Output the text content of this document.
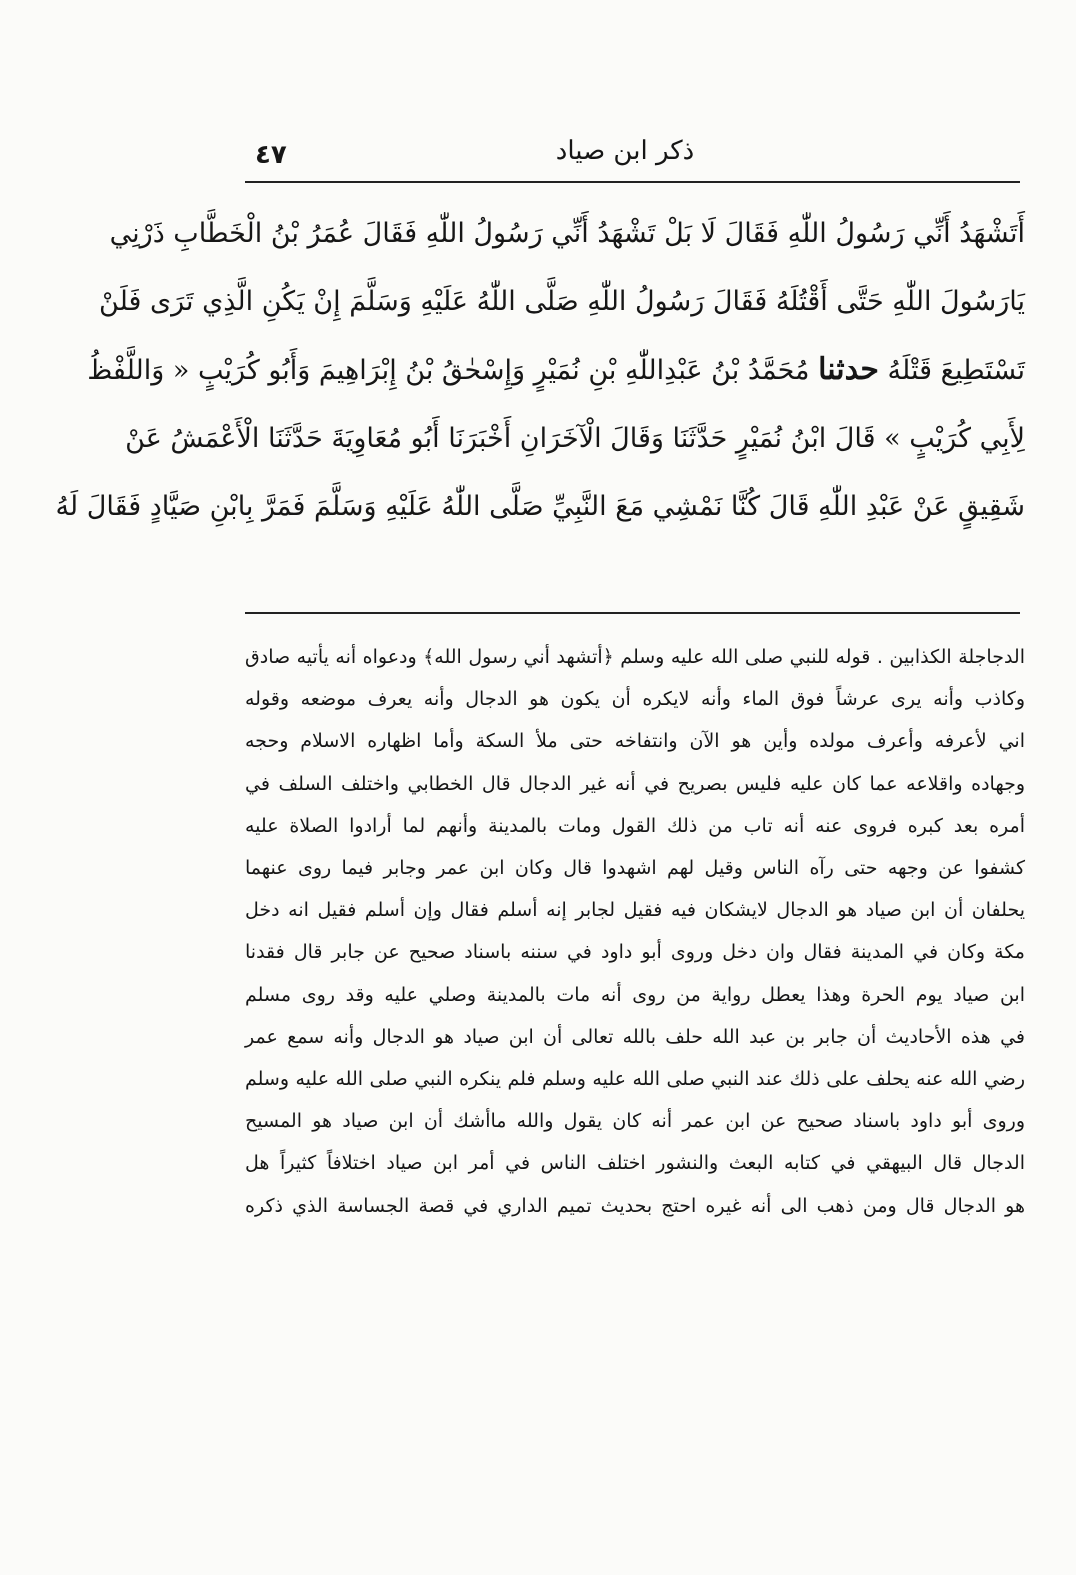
٤٧	ذكر ابن صياد
أَتَشْهَدُ أَنِّي رَسُولُ اللّٰهِ فَقَالَ لَا بَلْ تَشْهَدُ أَنِّي رَسُولُ اللّٰهِ فَقَالَ عُمَرُ بْنُ الْخَطَّابِ ذَرْنِي
يَارَسُولَ اللّٰهِ حَتَّى أَقْتُلَهُ فَقَالَ رَسُولُ اللّٰهِ صَلَّى اللّٰهُ عَلَيْهِ وَسَلَّمَ إِنْ يَكُنِ الَّذِي تَرَى فَلَنْ
تَسْتَطِيعَ قَتْلَهُ حدثنا مُحَمَّدُ بْنُ عَبْدِاللّٰهِ بْنِ نُمَيْرٍ وَإِسْحٰقُ بْنُ إِبْرَاهِيمَ وَأَبُو كُرَيْبٍ « وَاللَّفْظُ
لِأَبِي كُرَيْبٍ » قَالَ ابْنُ نُمَيْرٍ حَدَّثَنَا وَقَالَ الْآخَرَانِ أَخْبَرَنَا أَبُو مُعَاوِيَةَ حَدَّثَنَا الْأَعْمَشُ عَنْ
شَقِيقٍ عَنْ عَبْدِ اللّٰهِ قَالَ كُنَّا نَمْشِي مَعَ النَّبِيِّ صَلَّى اللّٰهُ عَلَيْهِ وَسَلَّمَ فَمَرَّ بِابْنِ صَيَّادٍ فَقَالَ لَهُ
الدجاجلة الكذابين . قوله للنبي صلى الله عليه وسلم ﴿أتشهد أني رسول الله﴾ ودعواه أنه يأتيه صادق
وكاذب وأنه يرى عرشاً فوق الماء وأنه لايكره أن يكون هو الدجال وأنه يعرف موضعه وقوله
اني لأعرفه وأعرف مولده وأين هو الآن وانتفاخه حتى ملأ السكة وأما اظهاره الاسلام وحجه
وجهاده واقلاعه عما كان عليه فليس بصريح في أنه غير الدجال قال الخطابي واختلف السلف في
أمره بعد كبره فروى عنه أنه تاب من ذلك القول ومات بالمدينة وأنهم لما أرادوا الصلاة عليه
كشفوا عن وجهه حتى رآه الناس وقيل لهم اشهدوا قال وكان ابن عمر وجابر فيما روى عنهما
يحلفان أن ابن صياد هو الدجال لايشكان فيه فقيل لجابر إنه أسلم فقال وإن أسلم فقيل انه دخل
مكة وكان في المدينة فقال وان دخل وروى أبو داود في سننه باسناد صحيح عن جابر قال فقدنا
ابن صياد يوم الحرة وهذا يعطل رواية من روى أنه مات بالمدينة وصلي عليه وقد روى مسلم
في هذه الأحاديث أن جابر بن عبد الله حلف بالله تعالى أن ابن صياد هو الدجال وأنه سمع عمر
رضي الله عنه يحلف على ذلك عند النبي صلى الله عليه وسلم فلم ينكره النبي صلى الله عليه وسلم
وروى أبو داود باسناد صحيح عن ابن عمر أنه كان يقول والله ماأشك أن ابن صياد هو المسيح
الدجال قال البيهقي في كتابه البعث والنشور اختلف الناس في أمر ابن صياد اختلافاً كثيراً هل
هو الدجال قال ومن ذهب الى أنه غيره احتج بحديث تميم الداري في قصة الجساسة الذي ذكره
